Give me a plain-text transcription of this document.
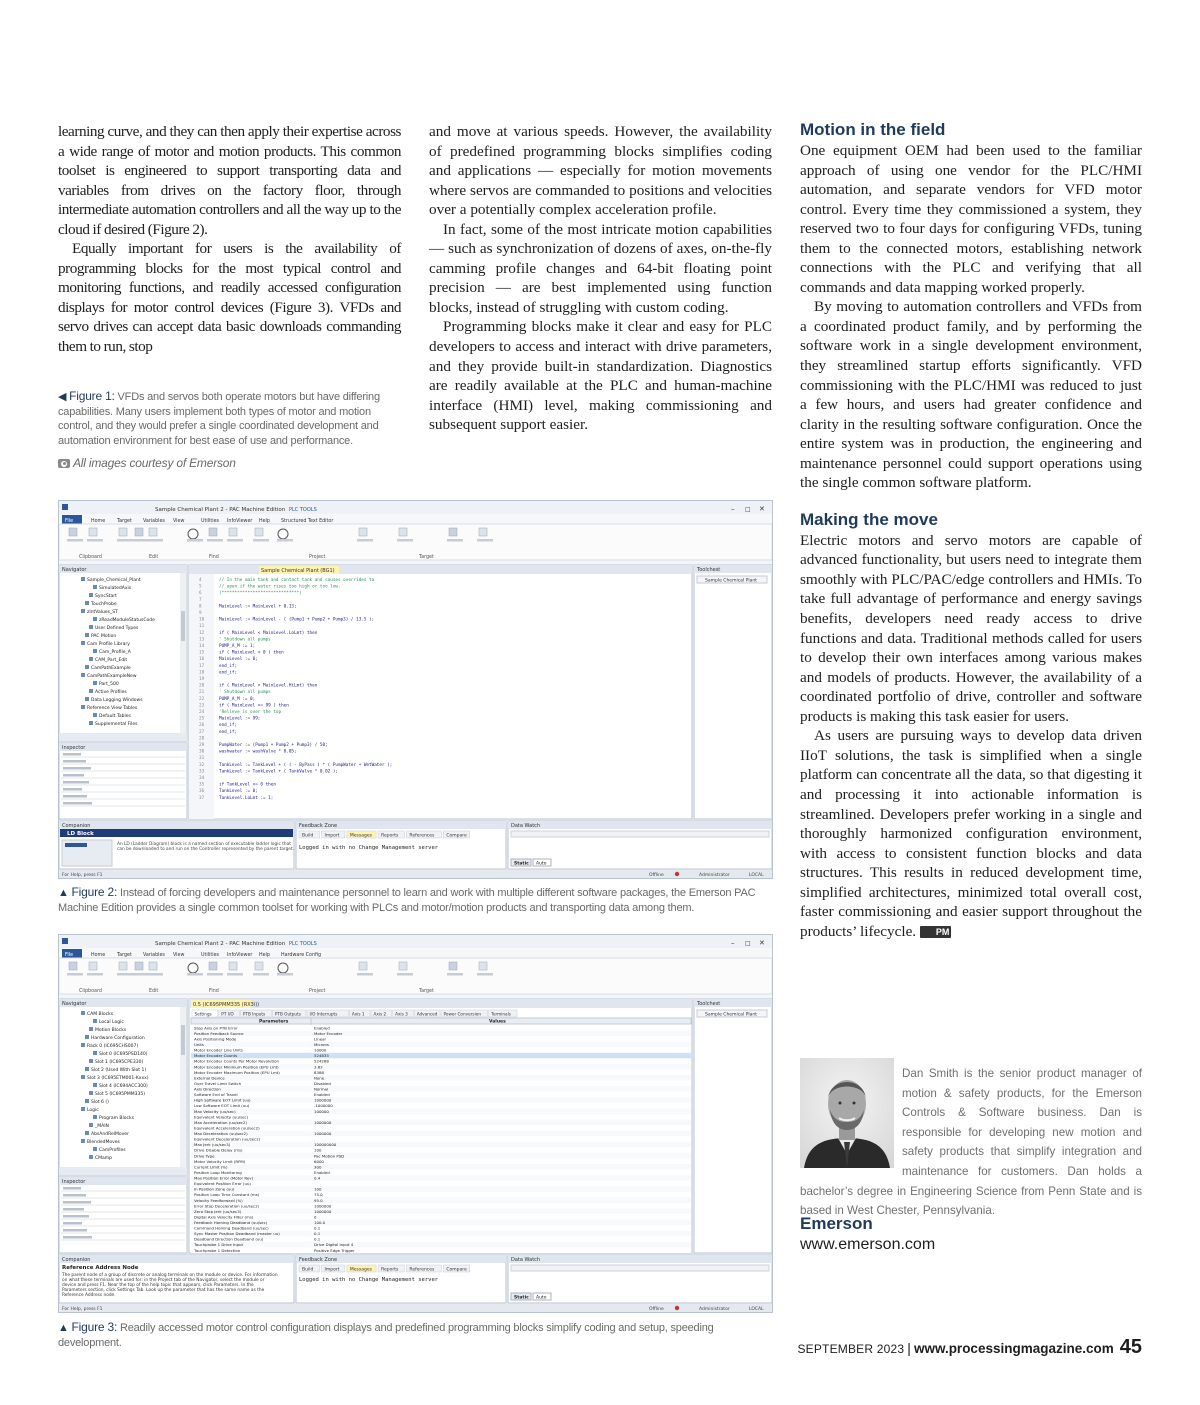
learning curve, and they can then apply their expertise across a wide range of motor and motion products. This common toolset is engineered to support transporting data and variables from drives on the factory floor, through intermediate automation controllers and all the way up to the cloud if desired (Figure 2).

Equally important for users is the availability of programming blocks for the most typical control and monitoring functions, and readily accessed configuration displays for motor control devices (Figure 3). VFDs and servo drives can accept data basic downloads commanding them to run, stop

◀ Figure 1: VFDs and servos both operate motors but have differing capabilities. Many users implement both types of motor and motion control, and they would prefer a single coordinated development and automation environment for best ease of use and performance.
All images courtesy of Emerson

and move at various speeds. However, the availability of predefined programming blocks simplifies coding and applications — especially for motion movements where servos are commanded to positions and velocities over a potentially complex acceleration profile.

In fact, some of the most intricate motion capabilities — such as synchronization of dozens of axes, on-the-fly camming profile changes and 64-bit floating point precision — are best implemented using function blocks, instead of struggling with custom coding.

Programming blocks make it clear and easy for PLC developers to access and interact with drive parameters, and they provide built-in standardization. Diagnostics are readily available at the PLC and human-machine interface (HMI) level, making commissioning and subsequent support easier.

Motion in the field

One equipment OEM had been used to the familiar approach of using one vendor for the PLC/HMI automation, and separate vendors for VFD motor control. Every time they commissioned a system, they reserved two to four days for configuring VFDs, tuning them to the connected motors, establishing network connections with the PLC and verifying that all commands and data mapping worked properly.

By moving to automation controllers and VFDs from a coordinated product family, and by performing the software work in a single development environment, they streamlined startup efforts significantly. VFD commissioning with the PLC/HMI was reduced to just a few hours, and users had greater confidence and clarity in the resulting software configuration. Once the entire system was in production, the engineering and maintenance personnel could support operations using the single common software platform.

Making the move

Electric motors and servo motors are capable of advanced functionality, but users need to integrate them smoothly with PLC/PAC/edge controllers and HMIs. To take full advantage of performance and energy savings benefits, developers need ready access to drive functions and data. Traditional methods called for users to develop their own interfaces among various makes and models of products. However, the availability of a coordinated portfolio of drive, controller and software products is making this task easier for users.

As users are pursuing ways to develop data driven IIoT solutions, the task is simplified when a single platform can concentrate all the data, so that digesting it and processing it into actionable information is streamlined. Developers prefer working in a single and thoroughly harmonized configuration environment, with access to consistent function blocks and data structures. This results in reduced development time, simplified architectures, minimized total overall cost, faster commissioning and easier support throughout the products’ lifecycle. PM

Sample Chemical Plant 2 - PAC Machine Edition PLC TOOLS	– □ ✕
File	Home Target Variables View	Utilities InfoViewer Help Structured Text Editor
Clipboard	Edit	Find	Project	Target
Navigator
Sample_Chemical_Plant
SimulatedAxis
SyncStart
TouchProbe
zIntValues_ST
zReadModuleStatusCode
User Defined Types
PAC Motion
Cam Profile Library
Cam_Profile_A
CAM_Part_Edit
CamPathExample
CamPathExampleNew
Part_500
Active Profiles
Data Logging Windows
Reference View Tables
Default Tables
Supplemental Files
Inspector
Sample Chemical Plant (BG1)
4	// In the main tank and contact tank and causes overrides to
5	// open if the water rises too high or too low.
6	(******************************)
7
8	MainLevel := MainLevel + 0.13;
9
10	MainLevel := MainLevel - ( (Pump1 + Pump2 + Pump3) / 13.5 );
11
12	if ( MainLevel < MainLevel.LoLmt) then
13	' Shutdown all pumps
14	PUMP_A_M := 1;
15	if ( MainLevel < 0 ) then
16	MainLevel := 0;
17	end_if;
18	end_if;
19
20	if ( MainLevel > MainLevel.HiLmt) then
21	' Shutdown all pumps
22	PUMP_A_M := 0;
23	if ( MainLevel >= 99 ) then
24	'Relieve is over the top
25	MainLevel := 99;
26	end_if;
27	end_if;
28
29	PumpWater := (Pump1 + Pump2 + Pump3) / 50;
30	washwater := washValve * 0.05;
31
32	TankLevel := TankLevel + ( ( - ByPass ) * ( PumpWater + WetWater );
33	TankLevel := TankLevel + ( TankValve * 0.02 );
34
35	if TankLevel <= 0 then
36	TankLevel := 0;
37	TankLevel.LoLmt := 1;
Toolchest
Sample Chemical Plant
Companion
LD Block
An LD (Ladder Diagram) block is a named section of executable ladder logic that can be downloaded to and run on the Controller represented by the parent target.
Feedback Zone
Build Import Messages Reports References	Compare
Logged in with no Change Management server
Data Watch
Static Auto
For Help, press F1	Offline	Administrator	LOCAL
▲ Figure 2: Instead of forcing developers and maintenance personnel to learn and work with multiple different software packages, the Emerson PAC Machine Edition provides a single common toolset for working with PLCs and motor/motion products and transporting data among them.
Sample Chemical Plant 2 - PAC Machine Edition PLC TOOLS	– □ ✕
File	Home Target Variables View	Utilities InfoViewer Help Hardware Config
Clipboard	Edit	Find	Project	Target
Navigator
CAM Blocks
Local Logic
Motion Blocks
Hardware Configuration
Rack 0 (IC695CHS007)
Slot 0 (IC695PSD140)
Slot 1 (IC695CPE330)
Slot 2 (Used With Slot 1)
Slot 3 (IC695ETM001-Kxxx)
Slot 4 (IC694ACC300)
Slot 5 (IC695PMM335)
Slot 6 ()
Logic
Program Blocks
_MAIN
AbsAndRelMover
BlendedMoves
CamProfiles
CMamp
Inspector
0.5 (IC695PMM335 (RX3i))
Settings PT I/O PTB Inputs PTB Outputs I/O Interrupts	Axis 1 Axis 2 Axis 3 Advanced Power Conversion Terminals
Parameters	Values
Stop Axis on PTB Error	Enabled
Position Feedback Source	Motor Encoder
Axis Positioning Mode	Linear
Units	Microns
Motor Encoder Line Units	10000
Motor Encoder Counts	524835
Motor Encoder Counts Per Motor Revolution	524288
Motor Encoder Minimum Position (EPU Lmt)	3.83
Motor Encoder Maximum Position (EPU Lmt)	8388
External Device	None
Over Travel Limit Switch	Disabled
Axis Direction	Normal
Software End of Travel	Enabled
High Software EOT Limit (uu)	1000000
Low Software EOT Limit (uu)	-1000000
Max Velocity (uu/sec)	100000
Equivalent Velocity (uu/sec)
Max Acceleration (uu/sec2)	1000000
Equivalent Acceleration (uu/sec2)
Max Deceleration (uu/sec2)	1000000
Equivalent Deceleration (uu/sec2)
Max Jerk (uu/sec3)	100000000
Drive Disable Delay (ms)	100
Drive Type	Pac Motion PSD
Motor Velocity Limit (RPM)	6000
Current Limit (%)	300
Position Loop Monitoring	Enabled
Max Position Error (Motor Rev)	0.4
Equivalent Position Error (uu)
In Position Zone (uu)	100
Position Loop Time Constant (ms)	75.0
Velocity Feedforward (%)	95.0
Error Stop Deceleration (uu/sec2)	1000000
Zero Stop Jerk (uu/sec3)	1000000
Digital Axis Velocity Filter (ms)	0
Feedback Homing Deadband (uu/sec)	100.0
Command Homing Deadband (uu/sec)	0.1
Sync Master Position Deadband (master uu)	0.1
Deadband Direction Deadband (uu)	0.1
Touchprobe 1 Drive Input	Drive Digital Input 4
Touchprobe 1 Detection	Positive Edge Trigger
Toolchest
Sample Chemical Plant
Companion
Reference Address Node
The parent node of a group of discrete or analog terminals on the module or device. For information on what these terminals are used for: in the Project tab of the Navigator, select the module or device and press F1. Near the top of the help topic that appears, click Parameters. In the Parameters section, click Settings Tab. Look up the parameter that has the same name as the Reference Address node.
Feedback Zone
Build Import Messages Reports References	Compare
Logged in with no Change Management server
Data Watch
Static Auto
For Help, press F1	Offline	Administrator	LOCAL
▲ Figure 3: Readily accessed motor control configuration displays and predefined programming blocks simplify coding and setup, speeding development.
Dan Smith is the senior product manager of motion & safety products, for the Emerson Controls & Software business. Dan is responsible for developing new motion and safety products that simplify integration and maintenance for customers. Dan holds a bachelor’s degree in Engineering Science from Penn State and is based in West Chester, Pennsylvania.
Emerson
www.emerson.com
SEPTEMBER 2023 | www.processingmagazine.com 45
